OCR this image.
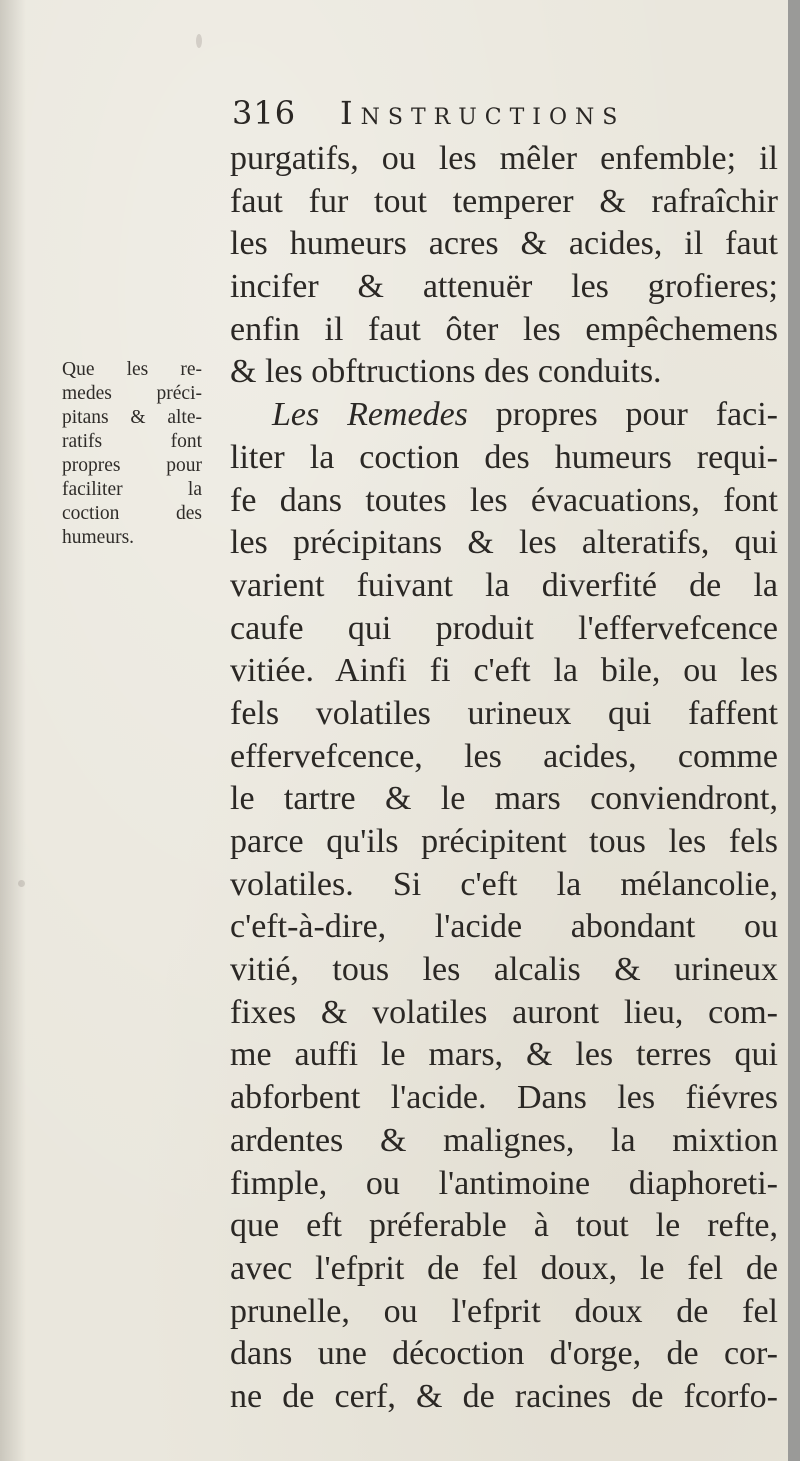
316 Instructions
Que les re-
medes préci-
pitans & alte-
ratifs font
propres pour
faciliter la
coction des
humeurs.
purgatifs, ou les mêler enfemble; il
faut fur tout temperer & rafraîchir
les humeurs acres & acides, il faut
incifer & attenuër les grofieres;
enfin il faut ôter les empêchemens
& les obftructions des conduits.
Les Remedes propres pour faci-
liter la coction des humeurs requi-
fe dans toutes les évacuations, font
les précipitans & les alteratifs, qui
varient fuivant la diverfité de la
caufe qui produit l'effervefcence
vitiée. Ainfi fi c'eft la bile, ou les
fels volatiles urineux qui faffent
effervefcence, les acides, comme
le tartre & le mars conviendront,
parce qu'ils précipitent tous les fels
volatiles. Si c'eft la mélancolie,
c'eft-à-dire, l'acide abondant ou
vitié, tous les alcalis & urineux
fixes & volatiles auront lieu, com-
me auffi le mars, & les terres qui
abforbent l'acide. Dans les fiévres
ardentes & malignes, la mixtion
fimple, ou l'antimoine diaphoreti-
que eft préferable à tout le refte,
avec l'efprit de fel doux, le fel de
prunelle, ou l'efprit doux de fel
dans une décoction d'orge, de cor-
ne de cerf, & de racines de fcorfo-
